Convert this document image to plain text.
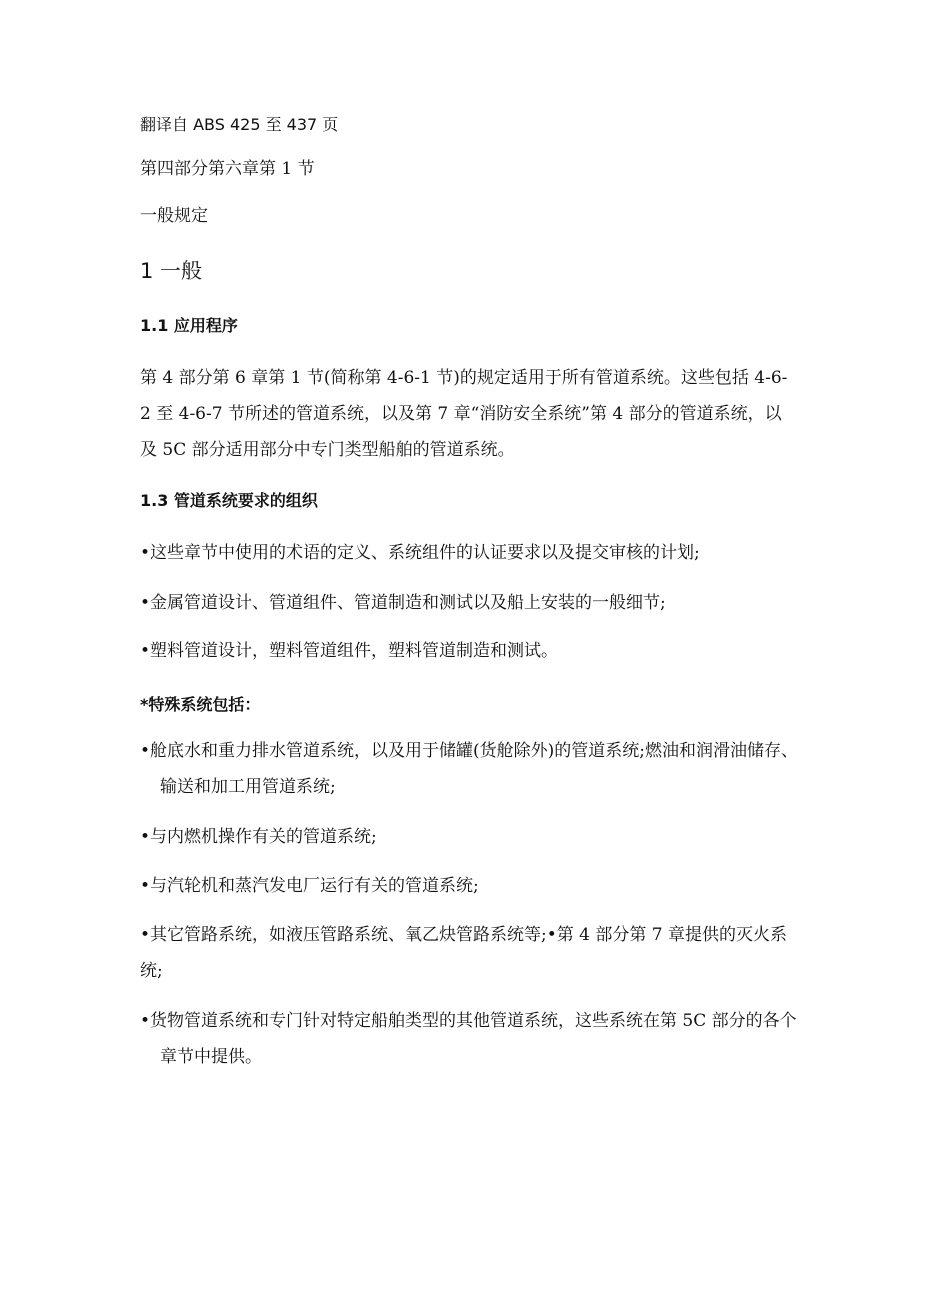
翻译自 ABS 425 至 437 页

第四部分第六章第 1 节

一般规定

1 一般
1.1 应用程序

第 4 部分第 6 章第 1 节(简称第 4-6-1 节)的规定适用于所有管道系统。这些包括 4-6-2 至 4-6-7 节所述的管道系统，以及第 7 章“消防安全系统”第 4 部分的管道系统，以及 5C 部分适用部分中专门类型船舶的管道系统。

1.3 管道系统要求的组织

•这些章节中使用的术语的定义、系统组件的认证要求以及提交审核的计划;

•金属管道设计、管道组件、管道制造和测试以及船上安装的一般细节;

•塑料管道设计，塑料管道组件，塑料管道制造和测试。

*特殊系统包括：

•舱底水和重力排水管道系统，以及用于储罐(货舱除外)的管道系统;燃油和润滑油储存、输送和加工用管道系统;

•与内燃机操作有关的管道系统;

•与汽轮机和蒸汽发电厂运行有关的管道系统;

•其它管路系统，如液压管路系统、氧乙炔管路系统等;•第 4 部分第 7 章提供的灭火系统;

•货物管道系统和专门针对特定船舶类型的其他管道系统，这些系统在第 5C 部分的各个章节中提供。
